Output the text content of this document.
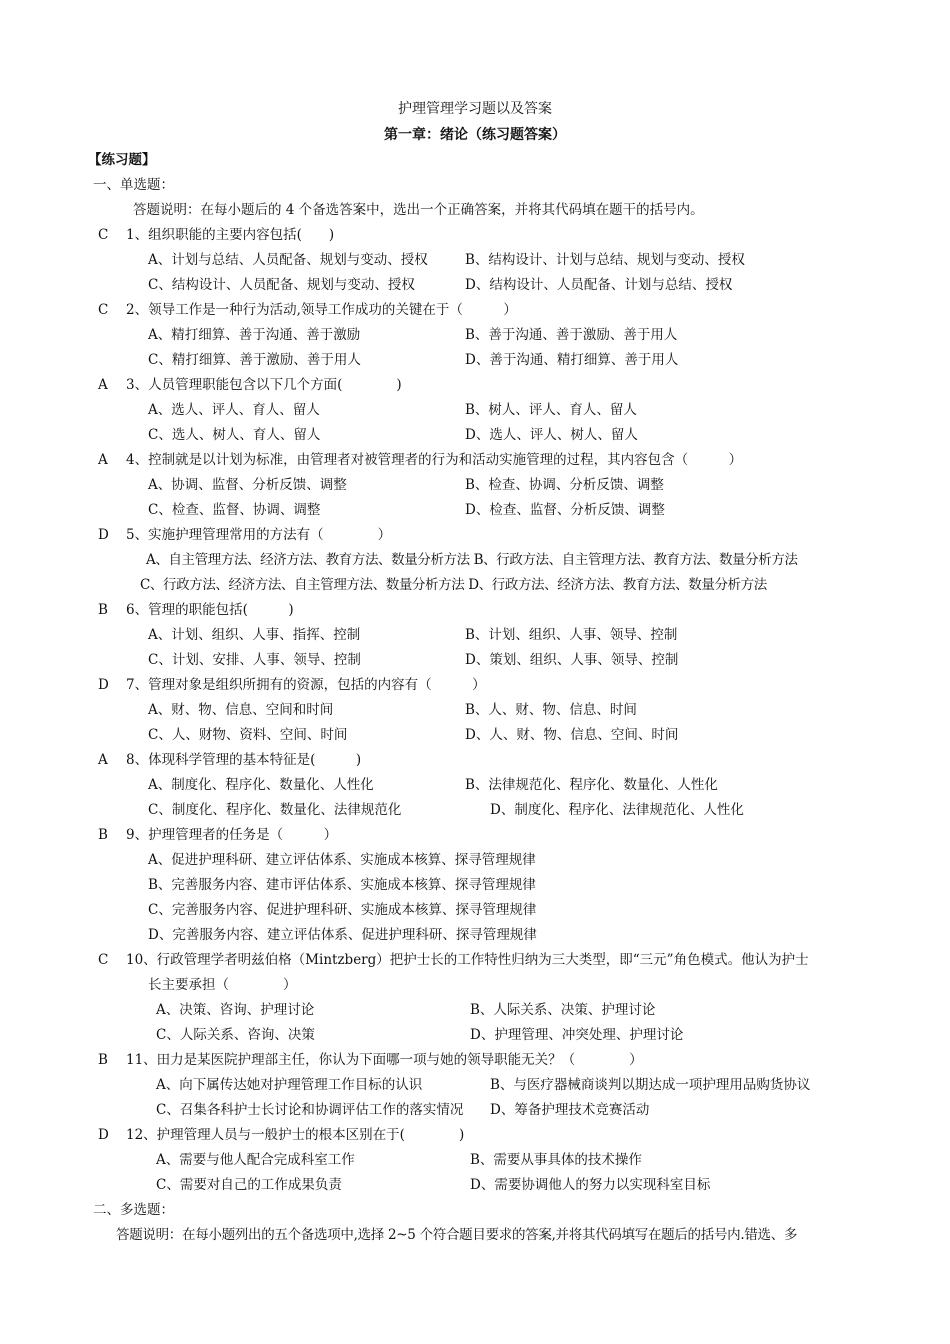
护理管理学习题以及答案
第一章：绪论（练习题答案）
【练习题】
一、单选题：
答题说明：在每小题后的 4 个备选答案中，选出一个正确答案，并将其代码填在题干的括号内。
C 1、组织职能的主要内容包括(　　)
A、计划与总结、人员配备、规划与变动、授权	B、结构设计、计划与总结、规划与变动、授权
C、结构设计、人员配备、规划与变动、授权	D、结构设计、人员配备、计划与总结、授权
C 2、领导工作是一种行为活动,领导工作成功的关键在于（　　　）
A、精打细算、善于沟通、善于激励	B、善于沟通、善于激励、善于用人
C、精打细算、善于激励、善于用人	D、善于沟通、精打细算、善于用人
A 3、人员管理职能包含以下几个方面(　　　　)
A、选人、评人、育人、留人	B、树人、评人、育人、留人
C、选人、树人、育人、留人	D、选人、评人、树人、留人
A 4、控制就是以计划为标准，由管理者对被管理者的行为和活动实施管理的过程，其内容包含（　　　）
A、协调、监督、分析反馈、调整	B、检查、协调、分析反馈、调整
C、检查、监督、协调、调整	D、检查、监督、分析反馈、调整
D 5、实施护理管理常用的方法有（　　　　）
A、自主管理方法、经济方法、教育方法、数量分析方法 B、行政方法、自主管理方法、教育方法、数量分析方法
C、行政方法、经济方法、自主管理方法、数量分析方法 D、行政方法、经济方法、教育方法、数量分析方法
B 6、管理的职能包括(　　　)
A、计划、组织、人事、指挥、控制	B、计划、组织、人事、领导、控制
C、计划、安排、人事、领导、控制	D、策划、组织、人事、领导、控制
D 7、管理对象是组织所拥有的资源，包括的内容有（　　　）
A、财、物、信息、空间和时间	B、人、财、物、信息、时间
C、人、财物、资料、空间、时间	D、人、财、物、信息、空间、时间
A 8、体现科学管理的基本特征是(　　　)
A、制度化、程序化、数量化、人性化	B、法律规范化、程序化、数量化、人性化
C、制度化、程序化、数量化、法律规范化	D、制度化、程序化、法律规范化、人性化
B 9、护理管理者的任务是（　　　）
A、促进护理科研、建立评估体系、实施成本核算、探寻管理规律
B、完善服务内容、建市评估体系、实施成本核算、探寻管理规律
C、完善服务内容、促进护理科研、实施成本核算、探寻管理规律
D、完善服务内容、建立评估体系、促进护理科研、探寻管理规律
C 10、行政管理学者明兹伯格（Mintzberg）把护士长的工作特性归纳为三大类型，即“三元”角色模式。他认为护士
长主要承担（　　　　）
A、决策、咨询、护理讨论	B、人际关系、决策、护理讨论
C、人际关系、咨询、决策	D、护理管理、冲突处理、护理讨论
B 11、田力是某医院护理部主任，你认为下面哪一项与她的领导职能无关？（　　　　）
A、向下属传达她对护理管理工作目标的认识	B、与医疗器械商谈判以期达成一项护理用品购货协议
C、召集各科护士长讨论和协调评估工作的落实情况 D、筹备护理技术竞赛活动
D 12、护理管理人员与一般护士的根本区别在于(　　　　)
A、需要与他人配合完成科室工作	B、需要从事具体的技术操作
C、需要对自己的工作成果负责	D、需要协调他人的努力以实现科室目标
二、多选题：
答题说明：在每小题列出的五个备选项中,选择 2~5 个符合题目要求的答案,并将其代码填写在题后的括号内.错选、多
